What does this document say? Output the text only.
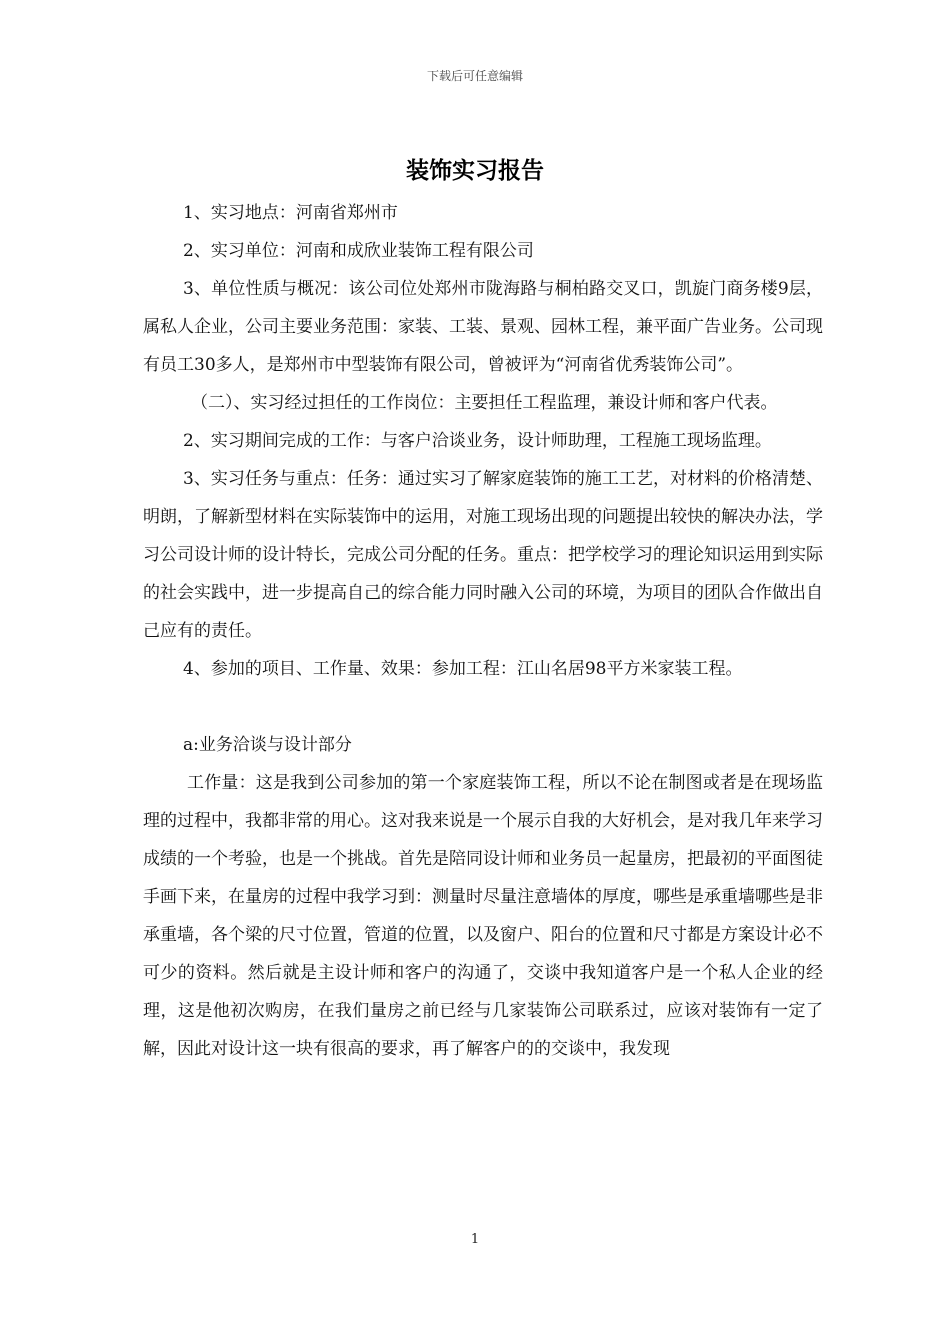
下载后可任意编辑
装饰实习报告

1、实习地点：河南省郑州市

2、实习单位：河南和成欣业装饰工程有限公司

3、单位性质与概况：该公司位处郑州市陇海路与桐柏路交叉口，凯旋门商务楼9层，属私人企业，公司主要业务范围：家装、工装、景观、园林工程，兼平面广告业务。公司现有员工30多人，是郑州市中型装饰有限公司，曾被评为“河南省优秀装饰公司”。

（二）、实习经过担任的工作岗位：主要担任工程监理，兼设计师和客户代表。

2、实习期间完成的工作：与客户洽谈业务，设计师助理，工程施工现场监理。

3、实习任务与重点：任务：通过实习了解家庭装饰的施工工艺，对材料的价格清楚、明朗，了解新型材料在实际装饰中的运用，对施工现场出现的问题提出较快的解决办法，学习公司设计师的设计特长，完成公司分配的任务。重点：把学校学习的理论知识运用到实际的社会实践中，进一步提高自己的综合能力同时融入公司的环境，为项目的团队合作做出自己应有的责任。

4、参加的项目、工作量、效果：参加工程：江山名居98平方米家装工程。

a:业务洽谈与设计部分

工作量：这是我到公司参加的第一个家庭装饰工程，所以不论在制图或者是在现场监理的过程中，我都非常的用心。这对我来说是一个展示自我的大好机会，是对我几年来学习成绩的一个考验，也是一个挑战。首先是陪同设计师和业务员一起量房，把最初的平面图徒手画下来，在量房的过程中我学习到：测量时尽量注意墙体的厚度，哪些是承重墙哪些是非承重墙，各个梁的尺寸位置，管道的位置，以及窗户、阳台的位置和尺寸都是方案设计必不可少的资料。然后就是主设计师和客户的沟通了，交谈中我知道客户是一个私人企业的经理，这是他初次购房，在我们量房之前已经与几家装饰公司联系过，应该对装饰有一定了解，因此对设计这一块有很高的要求，再了解客户的的交谈中，我发现

1
